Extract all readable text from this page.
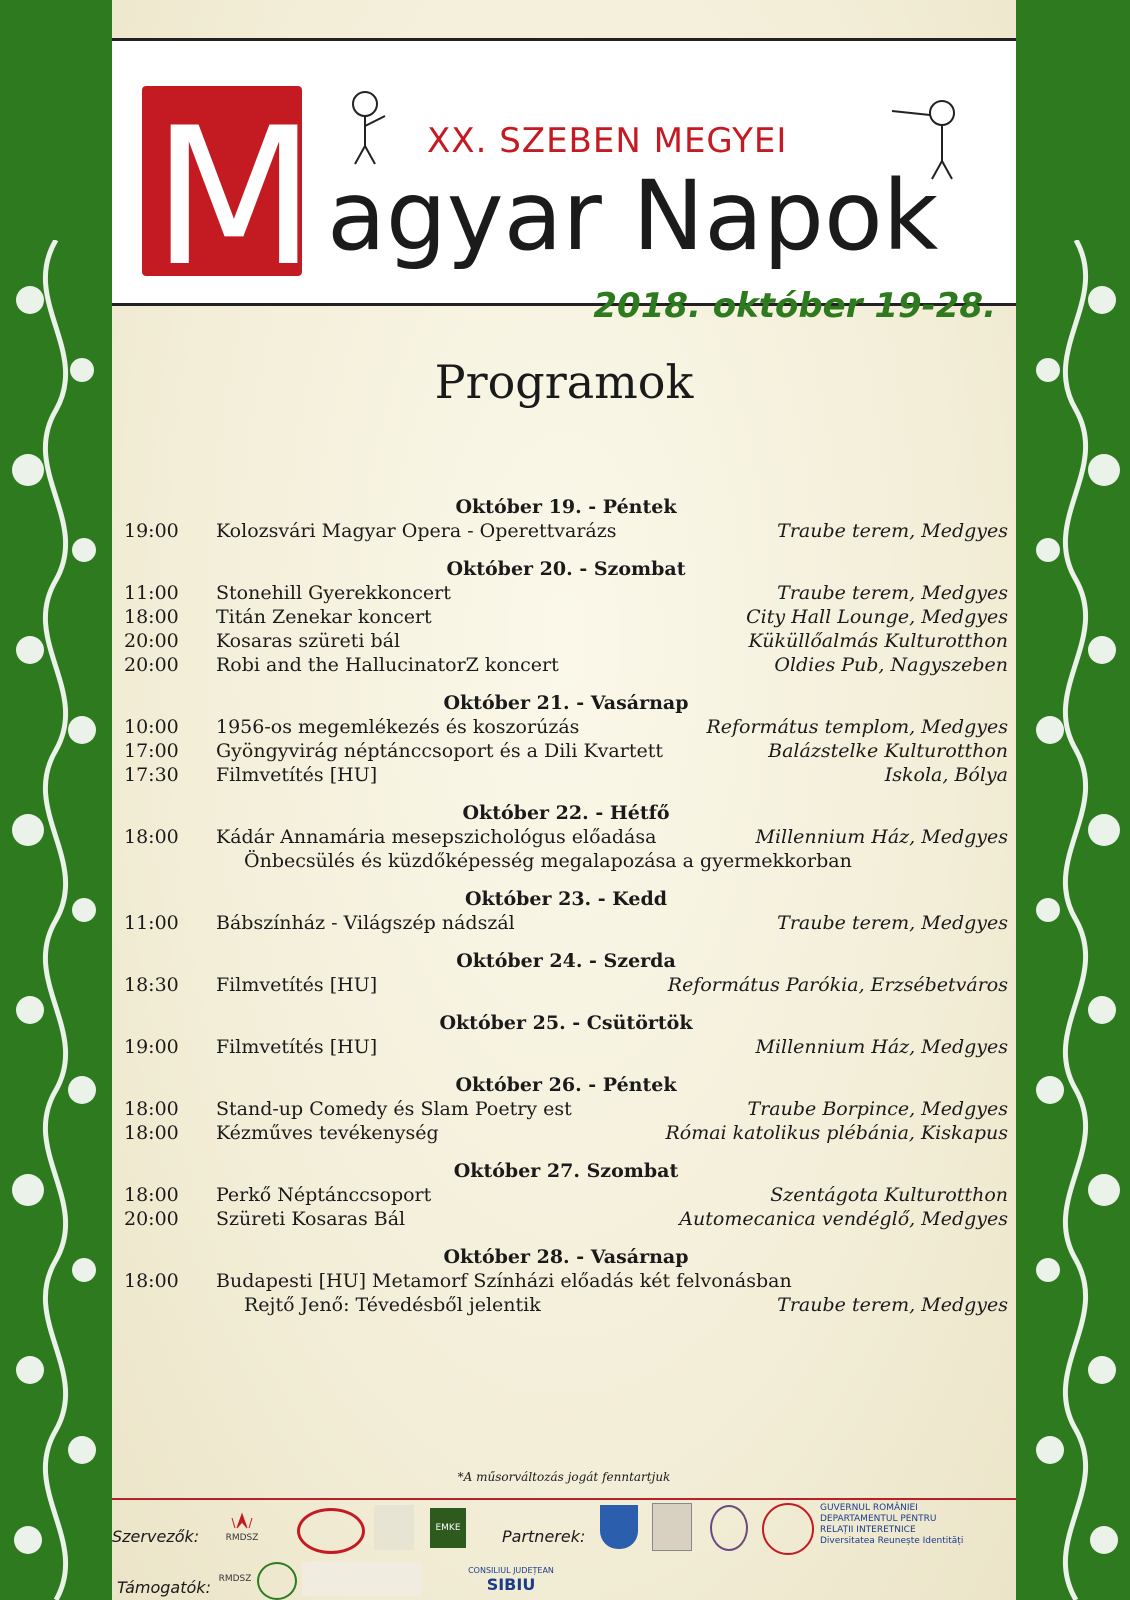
M	XX. SZEBEN MEGYEI
agyar Napok
2018. október 19-28.
Programok
Október 19. - Péntek
19:00	Kolozsvári Magyar Opera - Operettvarázs	Traube terem, Medgyes
Október 20. - Szombat
11:00	Stonehill Gyerekkoncert	Traube terem, Medgyes
18:00	Titán Zenekar koncert	City Hall Lounge, Medgyes
20:00	Kosaras szüreti bál	Küküllőalmás Kulturotthon
20:00	Robi and the HallucinatorZ koncert	Oldies Pub, Nagyszeben
Október 21. - Vasárnap
10:00	1956-os megemlékezés és koszorúzás	Református templom, Medgyes
17:00	Gyöngyvirág néptánccsoport és a Dili Kvartett	Balázstelke Kulturotthon
17:30	Filmvetítés [HU]	Iskola, Bólya
Október 22. - Hétfő
18:00	Kádár Annamária mesepszichológus előadása	Millennium Ház, Medgyes
Önbecsülés és küzdőképesség megalapozása a gyermekkorban
Október 23. - Kedd
11:00	Bábszínház - Világszép nádszál	Traube terem, Medgyes
Október 24. - Szerda
18:30	Filmvetítés [HU]	Református Parókia, Erzsébetváros
Október 25. - Csütörtök
19:00	Filmvetítés [HU]	Millennium Ház, Medgyes
Október 26. - Péntek
18:00	Stand-up Comedy és Slam Poetry est	Traube Borpince, Medgyes
18:00	Kézműves tevékenység	Római katolikus plébánia, Kiskapus
Október 27. Szombat
18:00	Perkő Néptánccsoport	Szentágota Kulturotthon
20:00	Szüreti Kosaras Bál	Automecanica vendéglő, Medgyes
Október 28. - Vasárnap
18:00	Budapesti [HU] Metamorf Színházi előadás két felvonásban
Rejtő Jenő: Tévedésből jelentik	Traube terem, Medgyes
*A műsorváltozás jogát fenntartjuk
Szervezők:	RMDSZ
EMKE	Partnerek:
GUVERNUL ROMÂNIEI
DEPARTAMENTUL PENTRU
RELAȚII INTERETNICE
Diversitatea Reunește Identități
Támogatók: RMDSZ
CONSILIUL JUDEȚEAN
SIBIU
